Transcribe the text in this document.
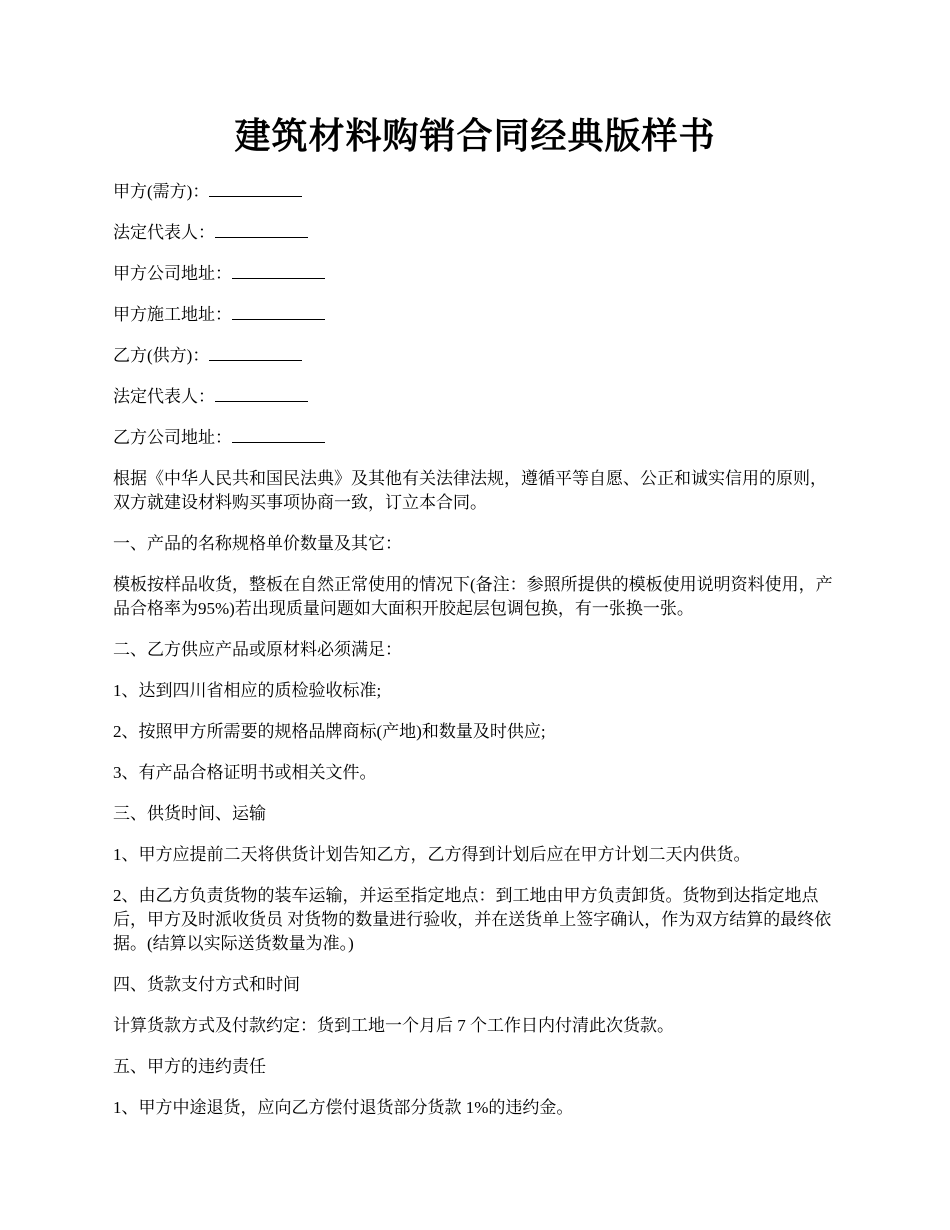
建筑材料购销合同经典版样书

甲方(需方)：

法定代表人：

甲方公司地址：

甲方施工地址：

乙方(供方)：

法定代表人：

乙方公司地址：

根据《中华人民共和国民法典》及其他有关法律法规，遵循平等自愿、公正和诚实信用的原则，双方就建设材料购买事项协商一致，订立本合同。

一、产品的名称规格单价数量及其它：

模板按样品收货，整板在自然正常使用的情况下(备注：参照所提供的模板使用说明资料使用，产品合格率为95%)若出现质量问题如大面积开胶起层包调包换，有一张换一张。

二、乙方供应产品或原材料必须满足：

1、达到四川省相应的质检验收标准;

2、按照甲方所需要的规格品牌商标(产地)和数量及时供应;

3、有产品合格证明书或相关文件。

三、供货时间、运输

1、甲方应提前二天将供货计划告知乙方，乙方得到计划后应在甲方计划二天内供货。

2、由乙方负责货物的装车运输，并运至指定地点：到工地由甲方负责卸货。货物到达指定地点后，甲方及时派收货员 对货物的数量进行验收，并在送货单上签字确认，作为双方结算的最终依据。(结算以实际送货数量为准。)

四、货款支付方式和时间

计算货款方式及付款约定：货到工地一个月后 7 个工作日内付清此次货款。

五、甲方的违约责任

1、甲方中途退货，应向乙方偿付退货部分货款 1%的违约金。
